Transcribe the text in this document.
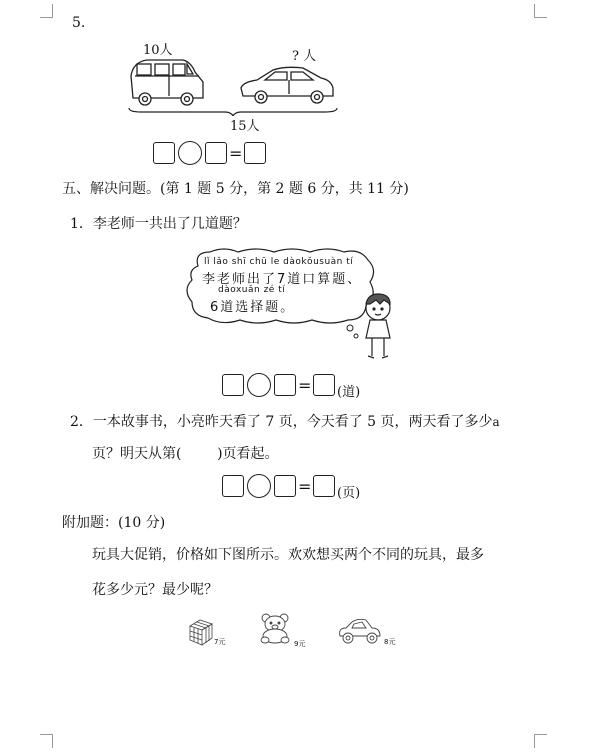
5.
10人	? 人
15人
=
五、解决问题。(第 1 题 5 分，第 2 题 6 分，共 11 分)
1．李老师一共出了几道题？
lǐ lǎo shī chū le dàokǒusuàn tí
李老师出了7道口算题、
dàoxuǎn zé tí
6道选择题。
= (道)
2．一本故事书，小亮昨天看了 7 页，今天看了 5 页，两天看了多少a
页？明天从第(        )页看起。
= (页)
附加题：(10 分)
玩具大促销，价格如下图所示。欢欢想买两个不同的玩具，最多
花多少元？最少呢？
7元	9元	8元
